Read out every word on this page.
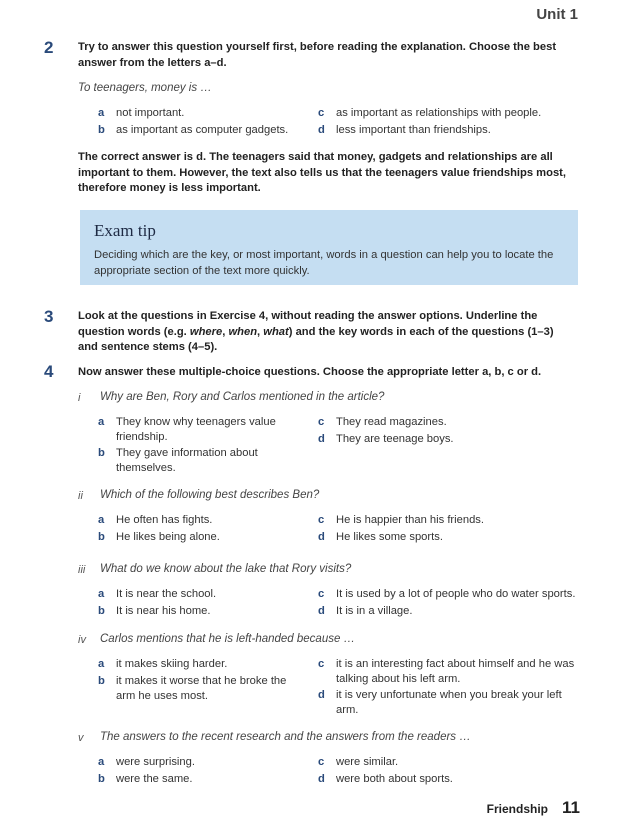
Unit 1
2 Try to answer this question yourself first, before reading the explanation. Choose the best answer from the letters a–d.
To teenagers, money is …
a not important.
b as important as computer gadgets.
c as important as relationships with people.
d less important than friendships.
The correct answer is d. The teenagers said that money, gadgets and relationships are all important to them. However, the text also tells us that the teenagers value friendships most, therefore money is less important.
Exam tip
Deciding which are the key, or most important, words in a question can help you to locate the appropriate section of the text more quickly.
3 Look at the questions in Exercise 4, without reading the answer options. Underline the question words (e.g. where, when, what) and the key words in each of the questions (1–3) and sentence stems (4–5).
4 Now answer these multiple-choice questions. Choose the appropriate letter a, b, c or d.
i Why are Ben, Rory and Carlos mentioned in the article?
a They know why teenagers value friendship.
b They gave information about themselves.
c They read magazines.
d They are teenage boys.
ii Which of the following best describes Ben?
a He often has fights.
b He likes being alone.
c He is happier than his friends.
d He likes some sports.
iii What do we know about the lake that Rory visits?
a It is near the school.
b It is near his home.
c It is used by a lot of people who do water sports.
d It is in a village.
iv Carlos mentions that he is left-handed because …
a it makes skiing harder.
b it makes it worse that he broke the arm he uses most.
c it is an interesting fact about himself and he was talking about his left arm.
d it is very unfortunate when you break your left arm.
v The answers to the recent research and the answers from the readers …
a were surprising.
b were the same.
c were similar.
d were both about sports.
Friendship 11
